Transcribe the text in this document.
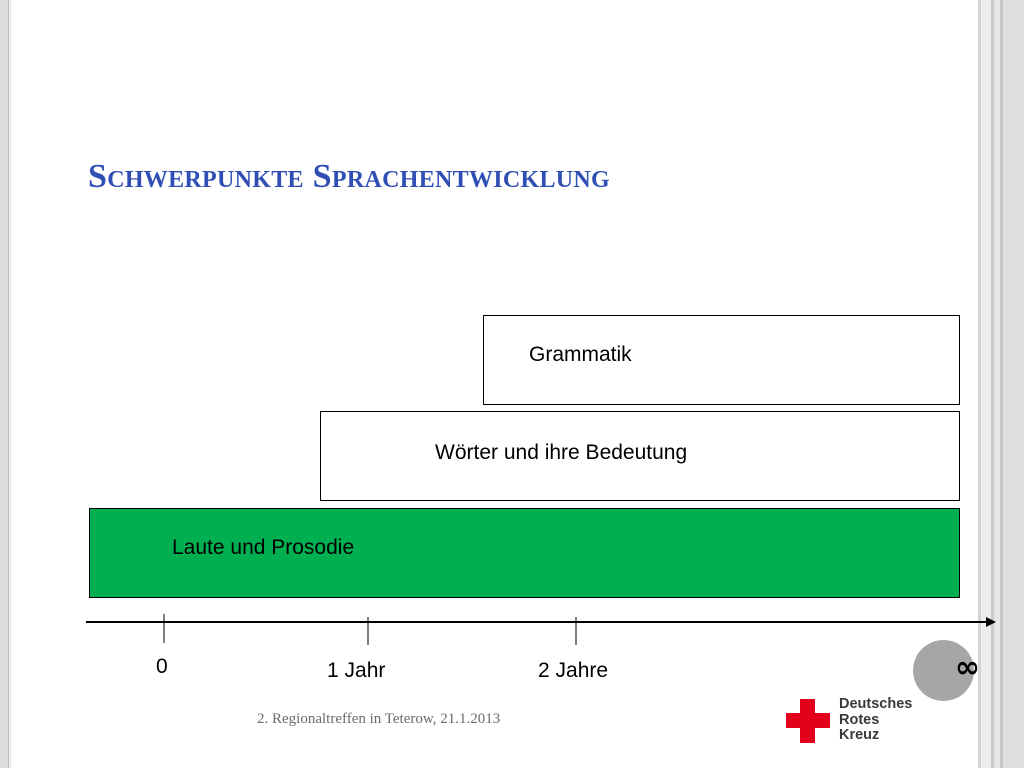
Schwerpunkte Sprachentwicklung
Grammatik
Wörter und ihre Bedeutung
Laute und Prosodie
0	1 Jahr	2 Jahre	∞
2. Regionaltreffen in Teterow, 21.1.2013
Deutsches
Rotes
Kreuz
